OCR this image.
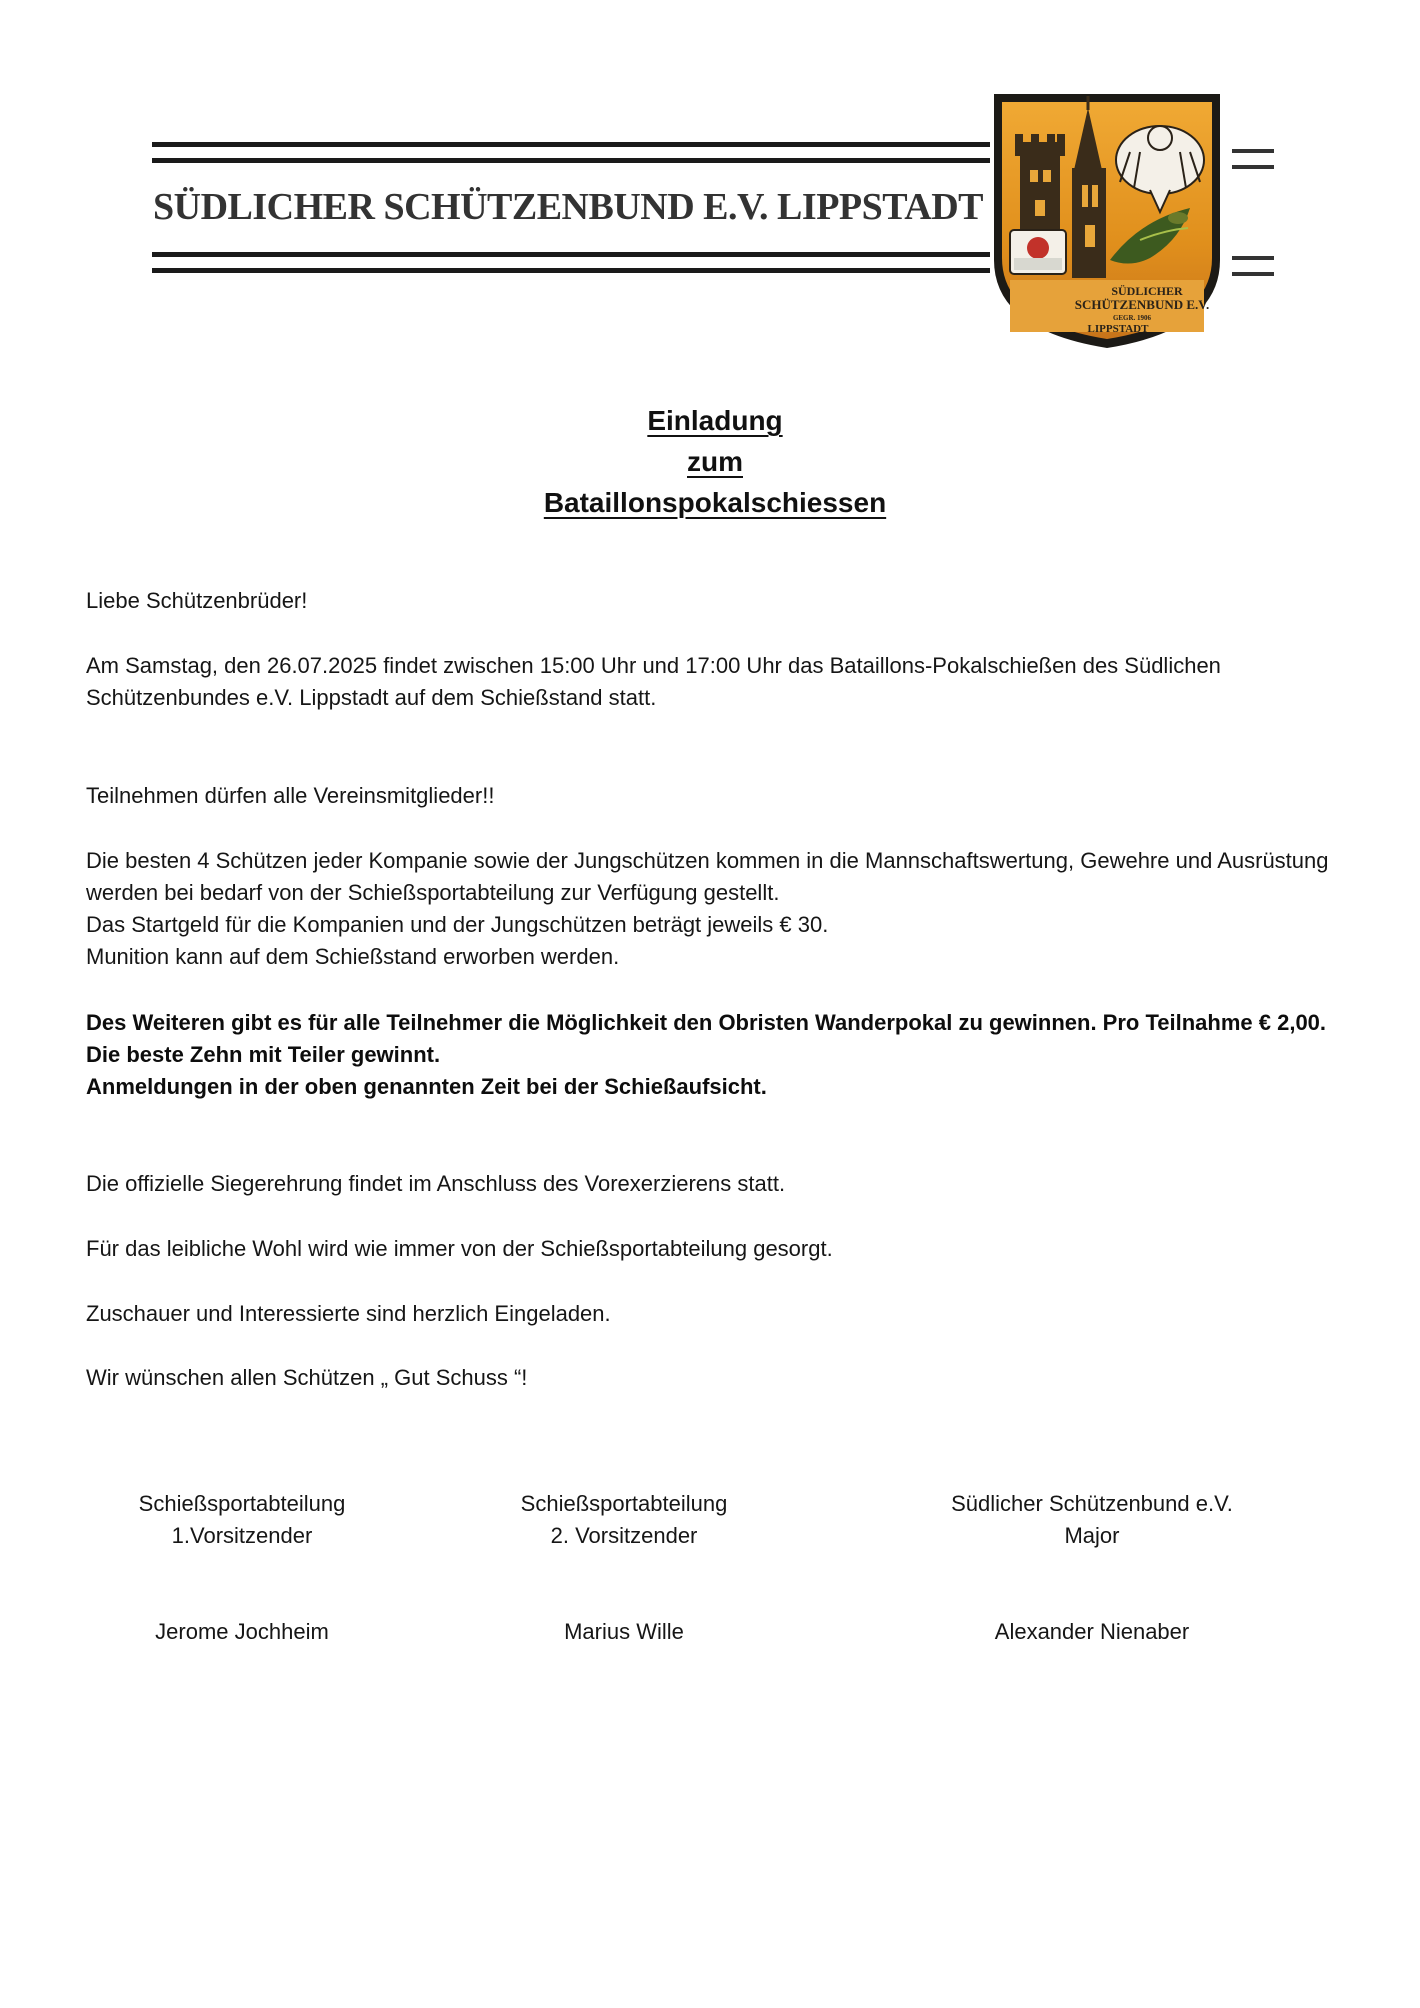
SÜDLICHER SCHÜTZENBUND E.V. LIPPSTADT
SÜDLICHER
SCHÜTZENBUND E.V.
GEGR. 1906
LIPPSTADT
Einladung
zum
Bataillonspokalschiessen

Liebe Schützenbrüder!

Am Samstag, den 26.07.2025 findet zwischen 15:00 Uhr und 17:00 Uhr das Bataillons-Pokalschießen des Südlichen Schützenbundes e.V. Lippstadt auf dem Schießstand statt.

Teilnehmen dürfen alle Vereinsmitglieder!!

Die besten 4 Schützen jeder Kompanie sowie der Jungschützen kommen in die Mannschaftswertung, Gewehre und Ausrüstung werden bei bedarf von der Schießsportabteilung zur Verfügung gestellt.

Das Startgeld für die Kompanien und der Jungschützen beträgt jeweils € 30.

Munition kann auf dem Schießstand erworben werden.

Des Weiteren gibt es für alle Teilnehmer die Möglichkeit den Obristen Wanderpokal zu gewinnen. Pro Teilnahme € 2,00. Die beste Zehn mit Teiler gewinnt.

Anmeldungen in der oben genannten Zeit bei der Schießaufsicht.

Die offizielle Siegerehrung findet im Anschluss des Vorexerzierens statt.

Für das leibliche Wohl wird wie immer von der Schießsportabteilung gesorgt.

Zuschauer und Interessierte sind herzlich Eingeladen.

Wir wünschen allen Schützen „ Gut Schuss “!

Schießsportabteilung
1.Vorsitzender
Jerome Jochheim
Schießsportabteilung
2. Vorsitzender
Marius Wille
Südlicher Schützenbund e.V.
Major
Alexander Nienaber
